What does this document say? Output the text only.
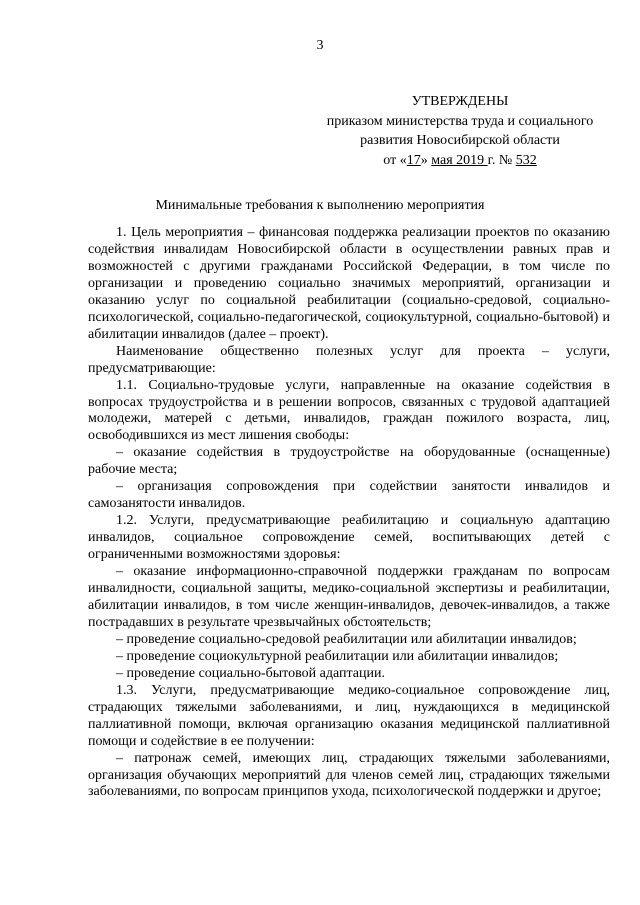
3
УТВЕРЖДЕНЫ
приказом министерства труда и социального
развития Новосибирской области
от «17» мая 2019 г. № 532
Минимальные требования к выполнению мероприятия

1. Цель мероприятия – финансовая поддержка реализации проектов по оказанию содействия инвалидам Новосибирской области в осуществлении равных прав и возможностей с другими гражданами Российской Федерации, в том числе по организации и проведению социально значимых мероприятий, организации и оказанию услуг по социальной реабилитации (социально-средовой, социально-психологической, социально-педагогической, социокультурной, социально-бытовой) и абилитации инвалидов (далее – проект).

Наименование общественно полезных услуг для проекта – услуги, предусматривающие:

1.1. Социально-трудовые услуги, направленные на оказание содействия в вопросах трудоустройства и в решении вопросов, связанных с трудовой адаптацией молодежи, матерей с детьми, инвалидов, граждан пожилого возраста, лиц, освободившихся из мест лишения свободы:

– оказание содействия в трудоустройстве на оборудованные (оснащенные) рабочие места;

– организация сопровождения при содействии занятости инвалидов и самозанятости инвалидов.

1.2. Услуги, предусматривающие реабилитацию и социальную адаптацию инвалидов, социальное сопровождение семей, воспитывающих детей с ограниченными возможностями здоровья:

– оказание информационно-справочной поддержки гражданам по вопросам инвалидности, социальной защиты, медико-социальной экспертизы и реабилитации, абилитации инвалидов, в том числе женщин-инвалидов, девочек-инвалидов, а также пострадавших в результате чрезвычайных обстоятельств;

– проведение социально-средовой реабилитации или абилитации инвалидов;

– проведение социокультурной реабилитации или абилитации инвалидов;

– проведение социально-бытовой адаптации.

1.3. Услуги, предусматривающие медико-социальное сопровождение лиц, страдающих тяжелыми заболеваниями, и лиц, нуждающихся в медицинской паллиативной помощи, включая организацию оказания медицинской паллиативной помощи и содействие в ее получении:

– патронаж семей, имеющих лиц, страдающих тяжелыми заболеваниями, организация обучающих мероприятий для членов семей лиц, страдающих тяжелыми заболеваниями, по вопросам принципов ухода, психологической поддержки и другое;
